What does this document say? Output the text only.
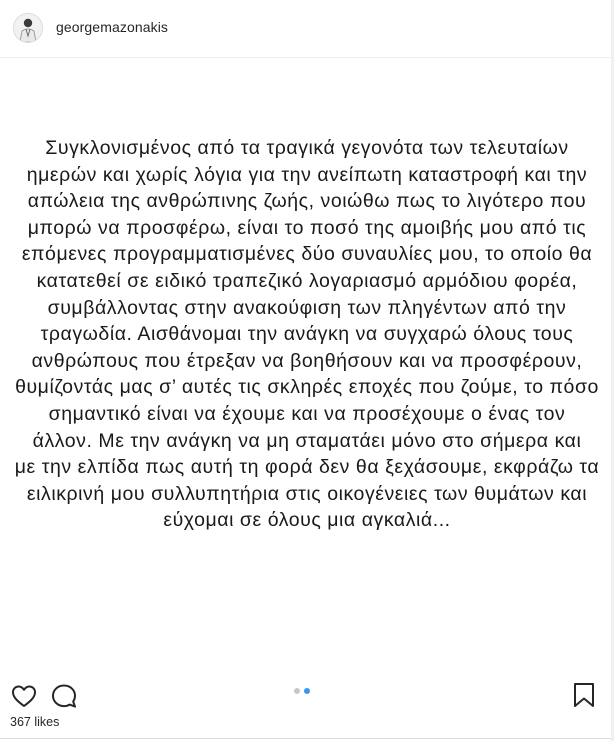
georgemazonakis
Συγκλονισμένος από τα τραγικά γεγονότα των τελευταίων
ημερών και χωρίς λόγια για την ανείπωτη καταστροφή και την
απώλεια της ανθρώπινης ζωής, νοιώθω πως το λιγότερο που
μπορώ να προσφέρω, είναι το ποσό της αμοιβής μου από τις
επόμενες προγραμματισμένες δύο συναυλίες μου, το οποίο θα
κατατεθεί σε ειδικό τραπεζικό λογαριασμό αρμόδιου φορέα,
συμβάλλοντας στην ανακούφιση των πληγέντων από την
τραγωδία. Αισθάνομαι την ανάγκη να συγχαρώ όλους τους
ανθρώπους που έτρεξαν να βοηθήσουν και να προσφέρουν,
θυμίζοντάς μας σ’ αυτές τις σκληρές εποχές που ζούμε, το πόσο
σημαντικό είναι να έχουμε και να προσέχουμε ο ένας τον
άλλον. Με την ανάγκη να μη σταματάει μόνο στο σήμερα και
με την ελπίδα πως αυτή τη φορά δεν θα ξεχάσουμε, εκφράζω τα
ειλικρινή μου συλλυπητήρια στις οικογένειες των θυμάτων και
εύχομαι σε όλους μια αγκαλιά...
367 likes
